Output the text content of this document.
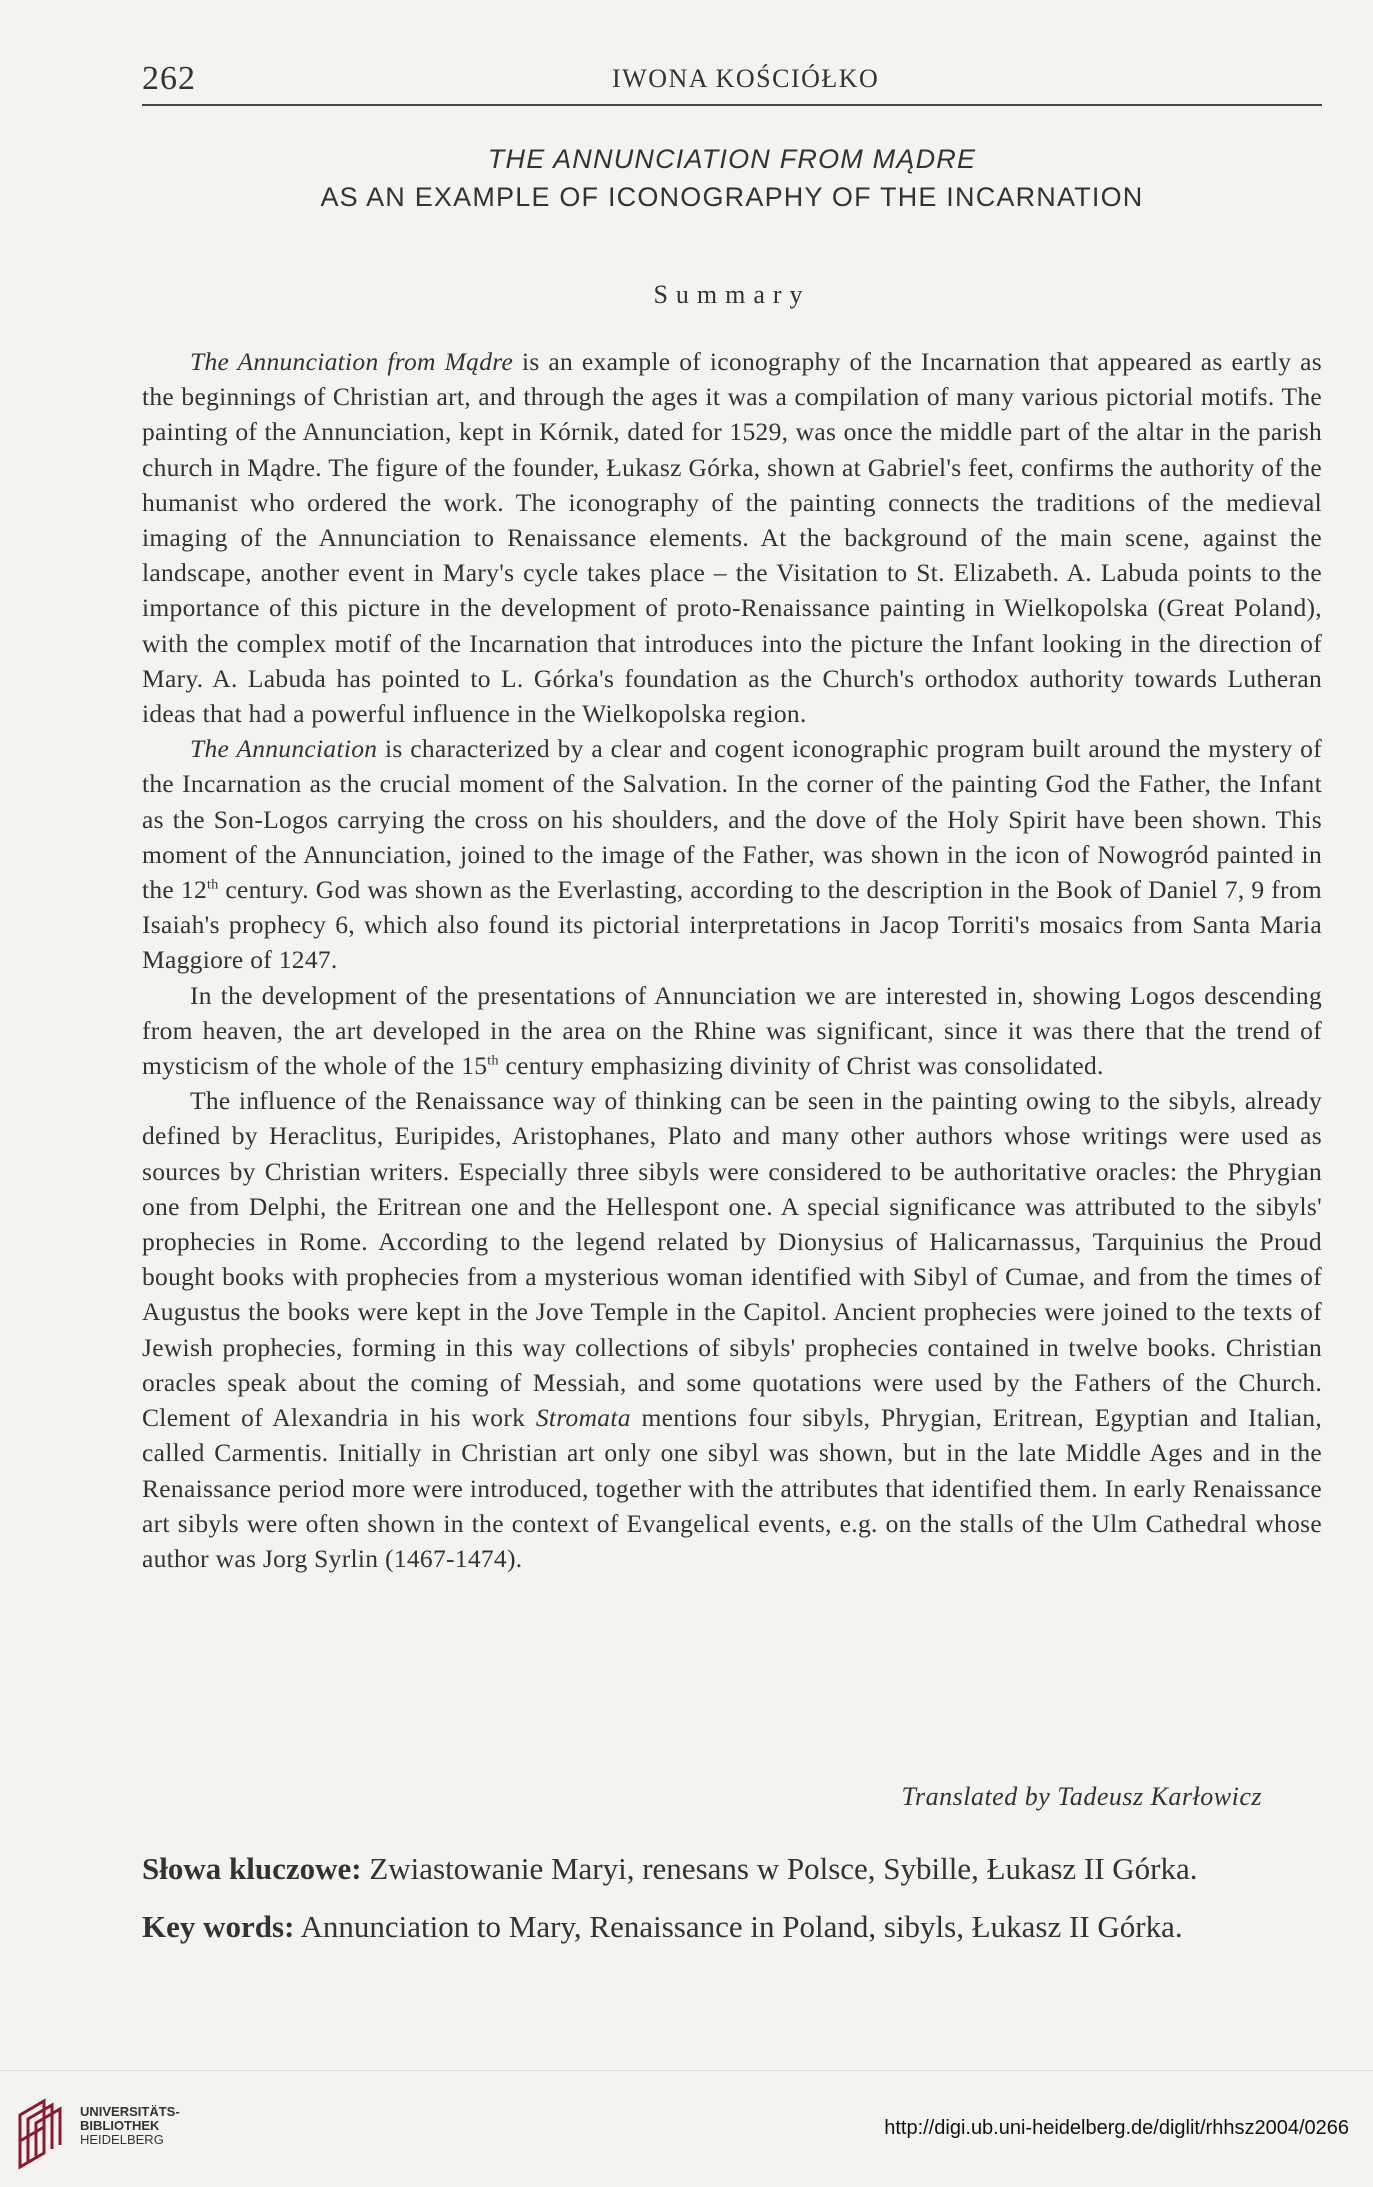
262	IWONA KOŚCIÓŁKO
THE ANNUNCIATION FROM MĄDRE
AS AN EXAMPLE OF ICONOGRAPHY OF THE INCARNATION
Summary

The Annunciation from Mądre is an example of iconography of the Incarnation that appeared as eartly as the beginnings of Christian art, and through the ages it was a compilation of many various pictorial motifs. The painting of the Annunciation, kept in Kórnik, dated for 1529, was once the middle part of the altar in the parish church in Mądre. The figure of the founder, Łukasz Górka, shown at Gabriel's feet, confirms the authority of the humanist who ordered the work. The iconography of the painting connects the traditions of the medieval imaging of the Annunciation to Renaissance elements. At the background of the main scene, against the landscape, another event in Mary's cycle takes place – the Visitation to St. Elizabeth. A. Labuda points to the importance of this picture in the development of proto-Renaissance painting in Wielkopolska (Great Poland), with the complex motif of the Incarnation that introduces into the picture the Infant looking in the direction of Mary. A. Labuda has pointed to L. Górka's foundation as the Church's orthodox authority towards Lutheran ideas that had a powerful influence in the Wielkopolska region.

The Annunciation is characterized by a clear and cogent iconographic program built around the mystery of the Incarnation as the crucial moment of the Salvation. In the corner of the painting God the Father, the Infant as the Son-Logos carrying the cross on his shoulders, and the dove of the Holy Spirit have been shown. This moment of the Annunciation, joined to the image of the Father, was shown in the icon of Nowogród painted in the 12th century. God was shown as the Everlasting, according to the description in the Book of Daniel 7, 9 from Isaiah's prophecy 6, which also found its pictorial interpretations in Jacop Torriti's mosaics from Santa Maria Maggiore of 1247.

In the development of the presentations of Annunciation we are interested in, showing Logos descending from heaven, the art developed in the area on the Rhine was significant, since it was there that the trend of mysticism of the whole of the 15th century emphasizing divinity of Christ was consolidated.

The influence of the Renaissance way of thinking can be seen in the painting owing to the sibyls, already defined by Heraclitus, Euripides, Aristophanes, Plato and many other authors whose writings were used as sources by Christian writers. Especially three sibyls were considered to be authoritative oracles: the Phrygian one from Delphi, the Eritrean one and the Hellespont one. A special significance was attributed to the sibyls' prophecies in Rome. According to the legend related by Dionysius of Halicarnassus, Tarquinius the Proud bought books with prophecies from a mysterious woman identified with Sibyl of Cumae, and from the times of Augustus the books were kept in the Jove Temple in the Capitol. Ancient prophecies were joined to the texts of Jewish prophecies, forming in this way collections of sibyls' prophecies contained in twelve books. Christian oracles speak about the coming of Messiah, and some quotations were used by the Fathers of the Church. Clement of Alexandria in his work Stromata mentions four sibyls, Phrygian, Eritrean, Egyptian and Italian, called Carmentis. Initially in Christian art only one sibyl was shown, but in the late Middle Ages and in the Renaissance period more were introduced, together with the attributes that identified them. In early Renaissance art sibyls were often shown in the context of Evangelical events, e.g. on the stalls of the Ulm Cathedral whose author was Jorg Syrlin (1467-1474).

Translated by Tadeusz Karłowicz
Słowa kluczowe: Zwiastowanie Maryi, renesans w Polsce, Sybille, Łukasz II Górka.
Key words: Annunciation to Mary, Renaissance in Poland, sibyls, Łukasz II Górka.
UNIVERSITÄTS-
BIBLIOTHEK
HEIDELBERG
http://digi.ub.uni-heidelberg.de/diglit/rhhsz2004/0266
